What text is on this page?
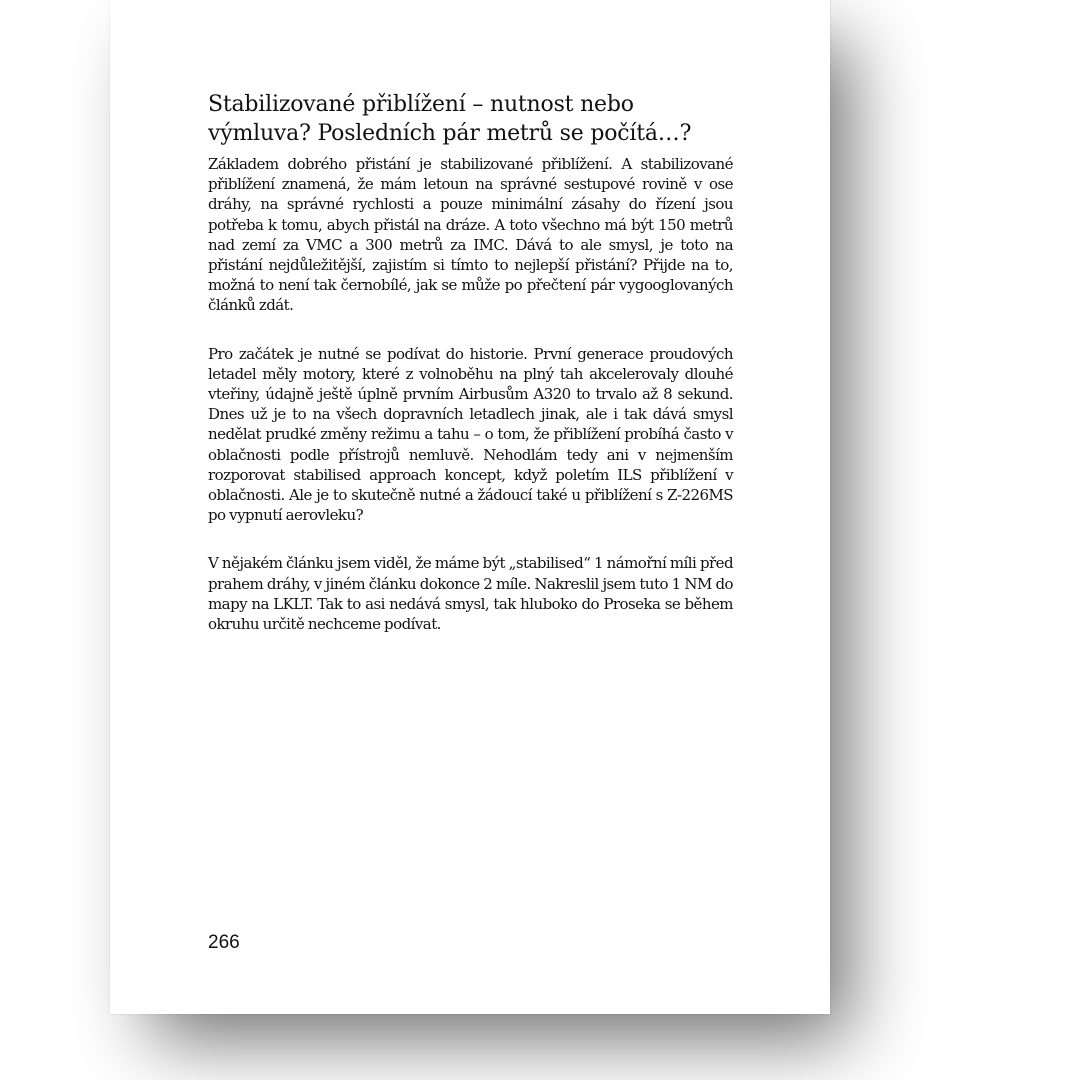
Stabilizované přiblížení – nutnost nebo výmluva? Posledních pár metrů se počítá…?

Základem dobrého přistání je stabilizované přiblížení. A stabilizované přiblížení znamená, že mám letoun na správné sestupové rovině v ose dráhy, na správné rychlosti a pouze minimální zásahy do řízení jsou potřeba k tomu, abych přistál na dráze. A toto všechno má být 150 metrů nad zemí za VMC a 300 metrů za IMC. Dává to ale smysl, je toto na přistání nejdůležitější, zajistím si tímto to nejlepší přistání? Přijde na to, možná to není tak černobílé, jak se může po přečtení pár vygooglovaných článků zdát.

Pro začátek je nutné se podívat do historie. První generace proudových letadel měly motory, které z volnoběhu na plný tah akcelerovaly dlouhé vteřiny, údajně ještě úplně prvním Airbusům A320 to trvalo až 8 sekund. Dnes už je to na všech dopravních letadlech jinak, ale i tak dává smysl nedělat prudké změny režimu a tahu – o tom, že přiblížení probíhá často v oblačnosti podle přístrojů nemluvě. Nehodlám tedy ani v nejmenším rozporovat stabilised approach koncept, když poletím ILS přiblížení v oblačnosti. Ale je to skutečně nutné a žádoucí také u přiblížení s Z-226MS po vypnutí aerovleku?

V nějakém článku jsem viděl, že máme být „stabilised“ 1 námořní míli před prahem dráhy, v jiném článku dokonce 2 míle. Nakreslil jsem tuto 1 NM do mapy na LKLT. Tak to asi nedává smysl, tak hluboko do Proseka se během okruhu určitě nechceme podívat.

266
